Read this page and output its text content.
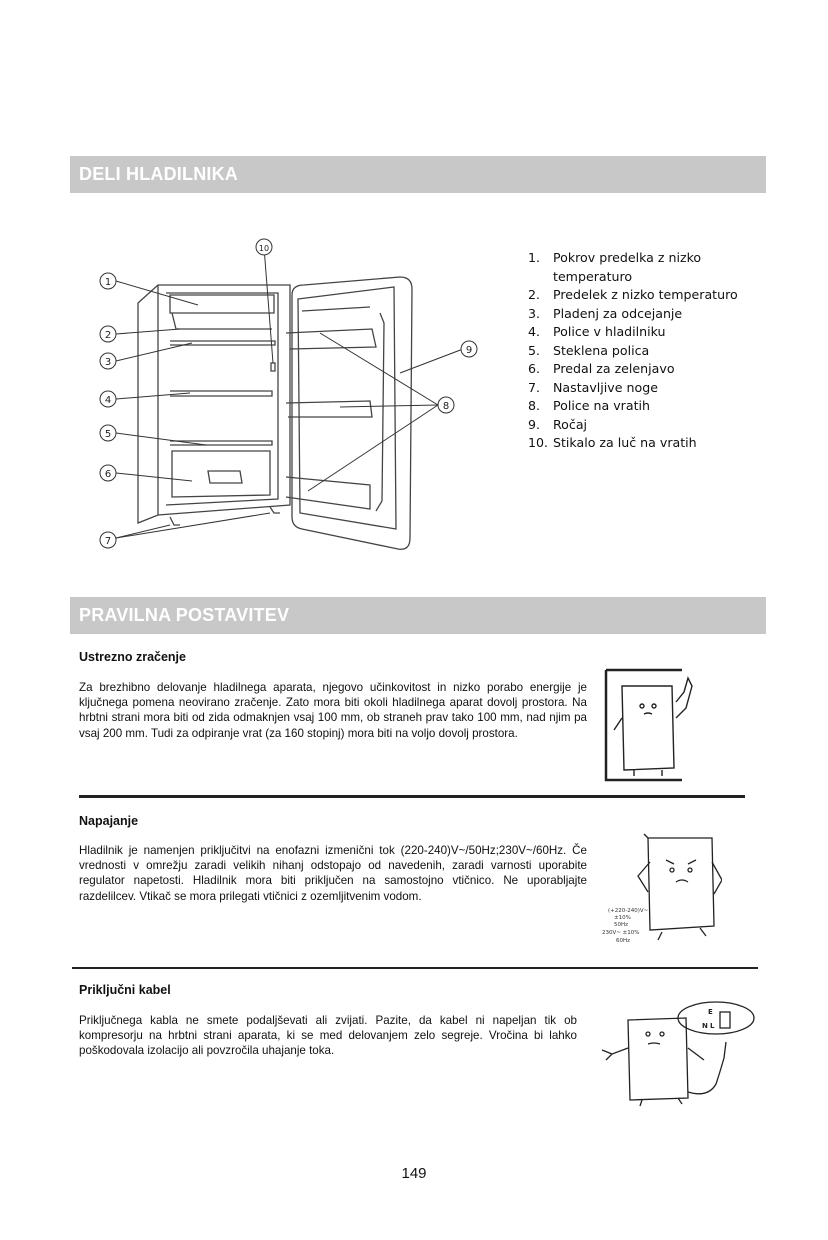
DELI HLADILNIKA
1
2
3
4
5
6
7
8
9
10
1. Pokrov predelka z nizko temperaturo
2. Predelek z nizko temperaturo
3. Pladenj za odcejanje
4. Police v hladilniku
5. Steklena polica
6. Predal za zelenjavo
7. Nastavljive noge
8. Police na vratih
9. Ročaj
10. Stikalo za luč na vratih
PRAVILNA POSTAVITEV
Ustrezno zračenje
Za brezhibno delovanje hladilnega aparata, njegovo učinkovitost in nizko porabo energije je ključnega pomena neovirano zračenje. Zato mora biti okoli hladilnega aparat dovolj prostora. Na hrbtni strani mora biti od zida odmaknjen vsaj 100 mm, ob straneh prav tako 100 mm, nad njim pa vsaj 200 mm. Tudi za odpiranje vrat (za 160 stopinj) mora biti na voljo dovolj prostora.
Napajanje
Hladilnik je namenjen priključitvi na enofazni izmenični tok (220-240)V~/50Hz;230V~/60Hz. Če vrednosti v omrežju zaradi velikih nihanj odstopajo od navedenih, zaradi varnosti uporabite regulator napetosti. Hladilnik mora biti priključen na samostojno vtičnico. Ne uporabljajte razdelilcev. Vtikač se mora prilegati vtičnici z ozemljitvenim vodom.
(+220-240)V~
±10%
50Hz
230V~ ±10%
60Hz
Priključni kabel
Priključnega kabla ne smete podaljševati ali zvijati. Pazite, da kabel ni napeljan tik ob kompresorju na hrbtni strani aparata, ki se med delovanjem zelo segreje. Vročina bi lahko poškodovala izolacijo ali povzročila uhajanje toka.
E
N L
149
